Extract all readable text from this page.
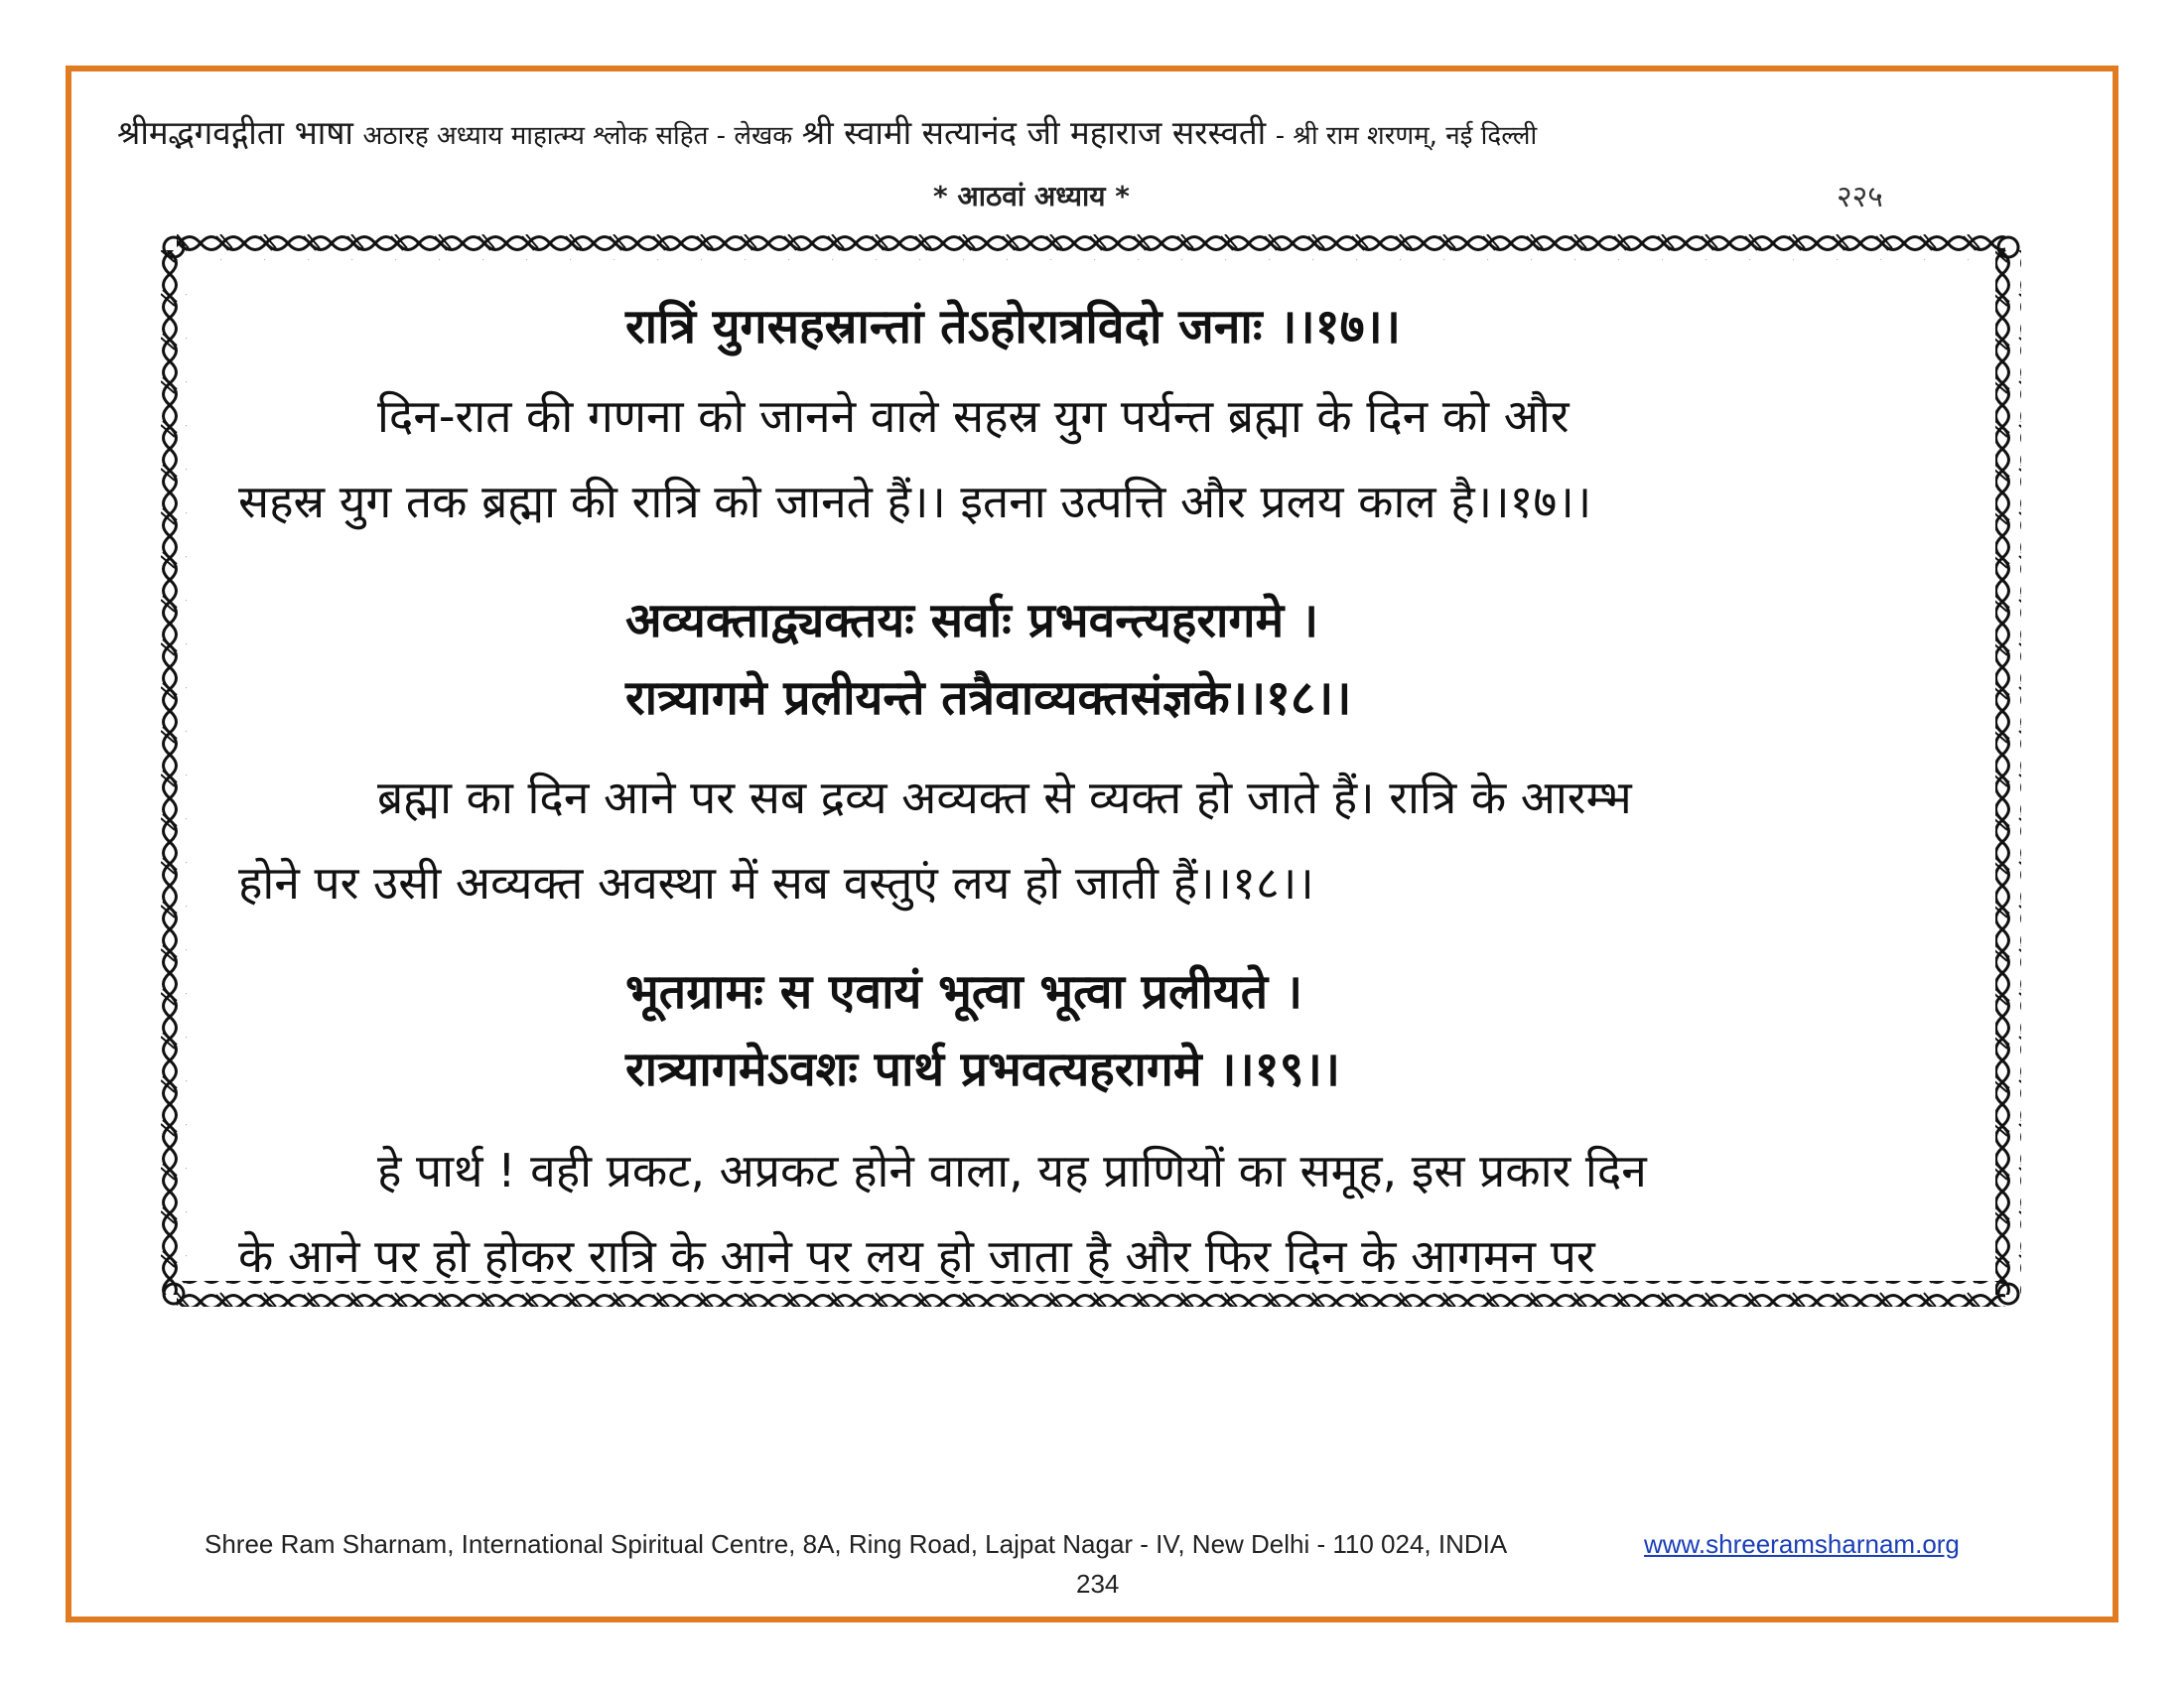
श्रीमद्भगवद्गीता भाषा अठारह अध्याय माहात्म्य श्लोक सहित - लेखक श्री स्वामी सत्यानंद जी महाराज सरस्वती - श्री राम शरणम्, नई दिल्ली
* आठवां अध्याय *	२२५
रात्रिं युगसहस्रान्तां तेऽहोरात्रविदो जनाः ।।१७।।
दिन-रात की गणना को जानने वाले सहस्र युग पर्यन्त ब्रह्मा के दिन को और
सहस्र युग तक ब्रह्मा की रात्रि को जानते हैं।। इतना उत्पत्ति और प्रलय काल है।।१७।।
अव्यक्ताद्व्यक्तयः सर्वाः प्रभवन्त्यहरागमे ।
रात्र्यागमे प्रलीयन्ते तत्रैवाव्यक्तसंज्ञके।।१८।।
ब्रह्मा का दिन आने पर सब द्रव्य अव्यक्त से व्यक्त हो जाते हैं। रात्रि के आरम्भ
होने पर उसी अव्यक्त अवस्था में सब वस्तुएं लय हो जाती हैं।।१८।।
भूतग्रामः स एवायं भूत्वा भूत्वा प्रलीयते ।
रात्र्यागमेऽवशः पार्थ प्रभवत्यहरागमे ।।१९।।
हे पार्थ ! वही प्रकट, अप्रकट होने वाला, यह प्राणियों का समूह, इस प्रकार दिन
के आने पर हो होकर रात्रि के आने पर लय हो जाता है और फिर दिन के आगमन पर
Shree Ram Sharnam, International Spiritual Centre, 8A, Ring Road, Lajpat Nagar - IV, New Delhi - 110 024, INDIA	www.shreeramsharnam.org
234
